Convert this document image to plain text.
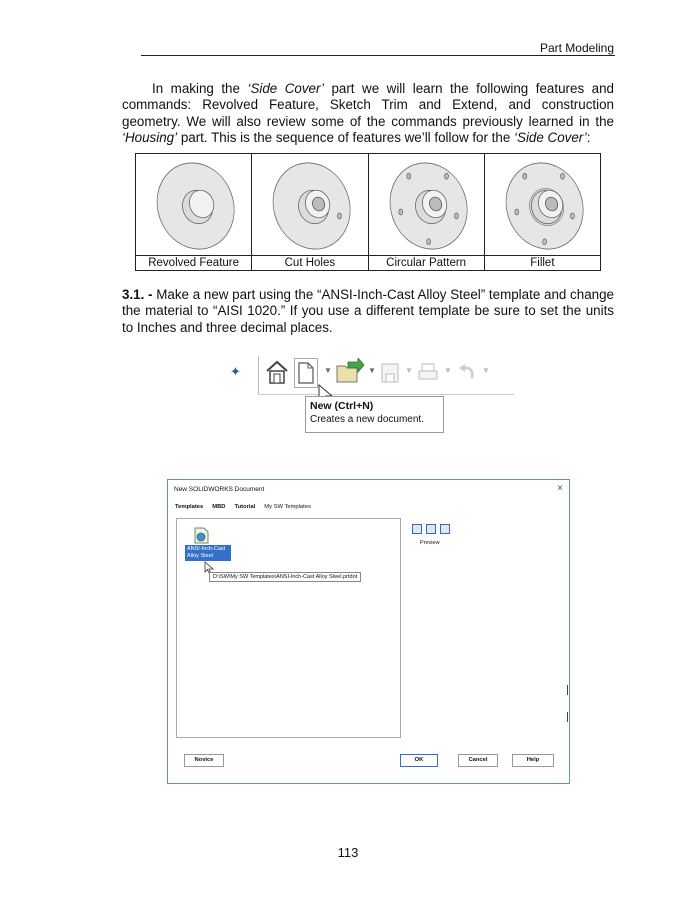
Part Modeling

In making the ‘Side Cover’ part we will learn the following features and commands: Revolved Feature, Sketch Trim and Extend, and construction geometry. We will also review some of the commands previously learned in the ‘Housing’ part. This is the sequence of features we’ll follow for the ‘Side Cover’:

Revolved Feature	Cut Holes	Circular Pattern	Fillet
3.1. - Make a new part using the “ANSI-Inch-Cast Alloy Steel” template and change the material to “AISI 1020.” If you use a different template be sure to set the units to Inches and three decimal places.
✦	▼	▼	▼	▼	▼
New (Ctrl+N)
Creates a new document.
New SOLIDWORKS Document	×
Templates MBD Tutorial My SW Templates
ANSI-Inch-Cast Alloy Steel
D:\SW\My SW Templates\ANSI-Inch-Cast Alloy Steel.prtdot
Preview
Novice	OK	Cancel	Help
113
